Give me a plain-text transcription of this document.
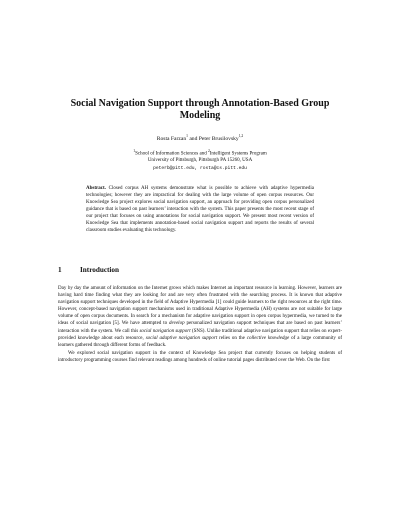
Social Navigation Support through Annotation-Based Group Modeling
Rosta Farzan$^1$ and Peter Brusilovsky$^{1,2}$
$^1$School of Information Sciences and $^2$Intelligent Systems Program
University of Pittsburgh, Pittsburgh PA 15260, USA
peterb@pitt.edu, rosta@cs.pitt.edu
Abstract. Closed corpus AH systems demonstrate what is possible to achieve with adaptive hypermedia technologies; however they are impractical for dealing with the large volume of open corpus resources. Our Knowledge Sea project explores social navigation support, an approach for providing open corpus personalized guidance that is based on past learners’ interaction with the system. This paper presents the most recent stage of our project that focuses on using annotations for social navigation support. We present most recent version of Knowledge Sea that implements annotation-based social navigation support and reports the results of several classroom studies evaluating this technology.
1	Introduction

Day by day the amount of information on the Internet grows which makes Internet an important resource in learning. However, learners are having hard time finding what they are looking for and are very often frustrated with the searching process. It is known that adaptive navigation support techniques developed in the field of Adaptive Hypermedia [1] could guide learners to the right resources at the right time. However, concept-based navigation support mechanisms used in traditional Adaptive Hypermedia (AH) systems are not suitable for large volume of open corpus documents. In search for a mechanism for adaptive navigation support in open corpus hypermedia, we turned to the ideas of social navigation [5]. We have attempted to develop personalized navigation support techniques that are based on past learners’ interaction with the system. We call this social navigation support (SNS). Unlike traditional adaptive navigation support that relies on expert-provided knowledge about each resource, social adaptive navigation support relies on the collective knowledge of a large community of learners gathered through different forms of feedback.

We explored social navigation support in the context of Knowledge Sea project that currently focuses on helping students of introductory programming courses find relevant readings among hundreds of online tutorial pages distributed over the Web. On the first
